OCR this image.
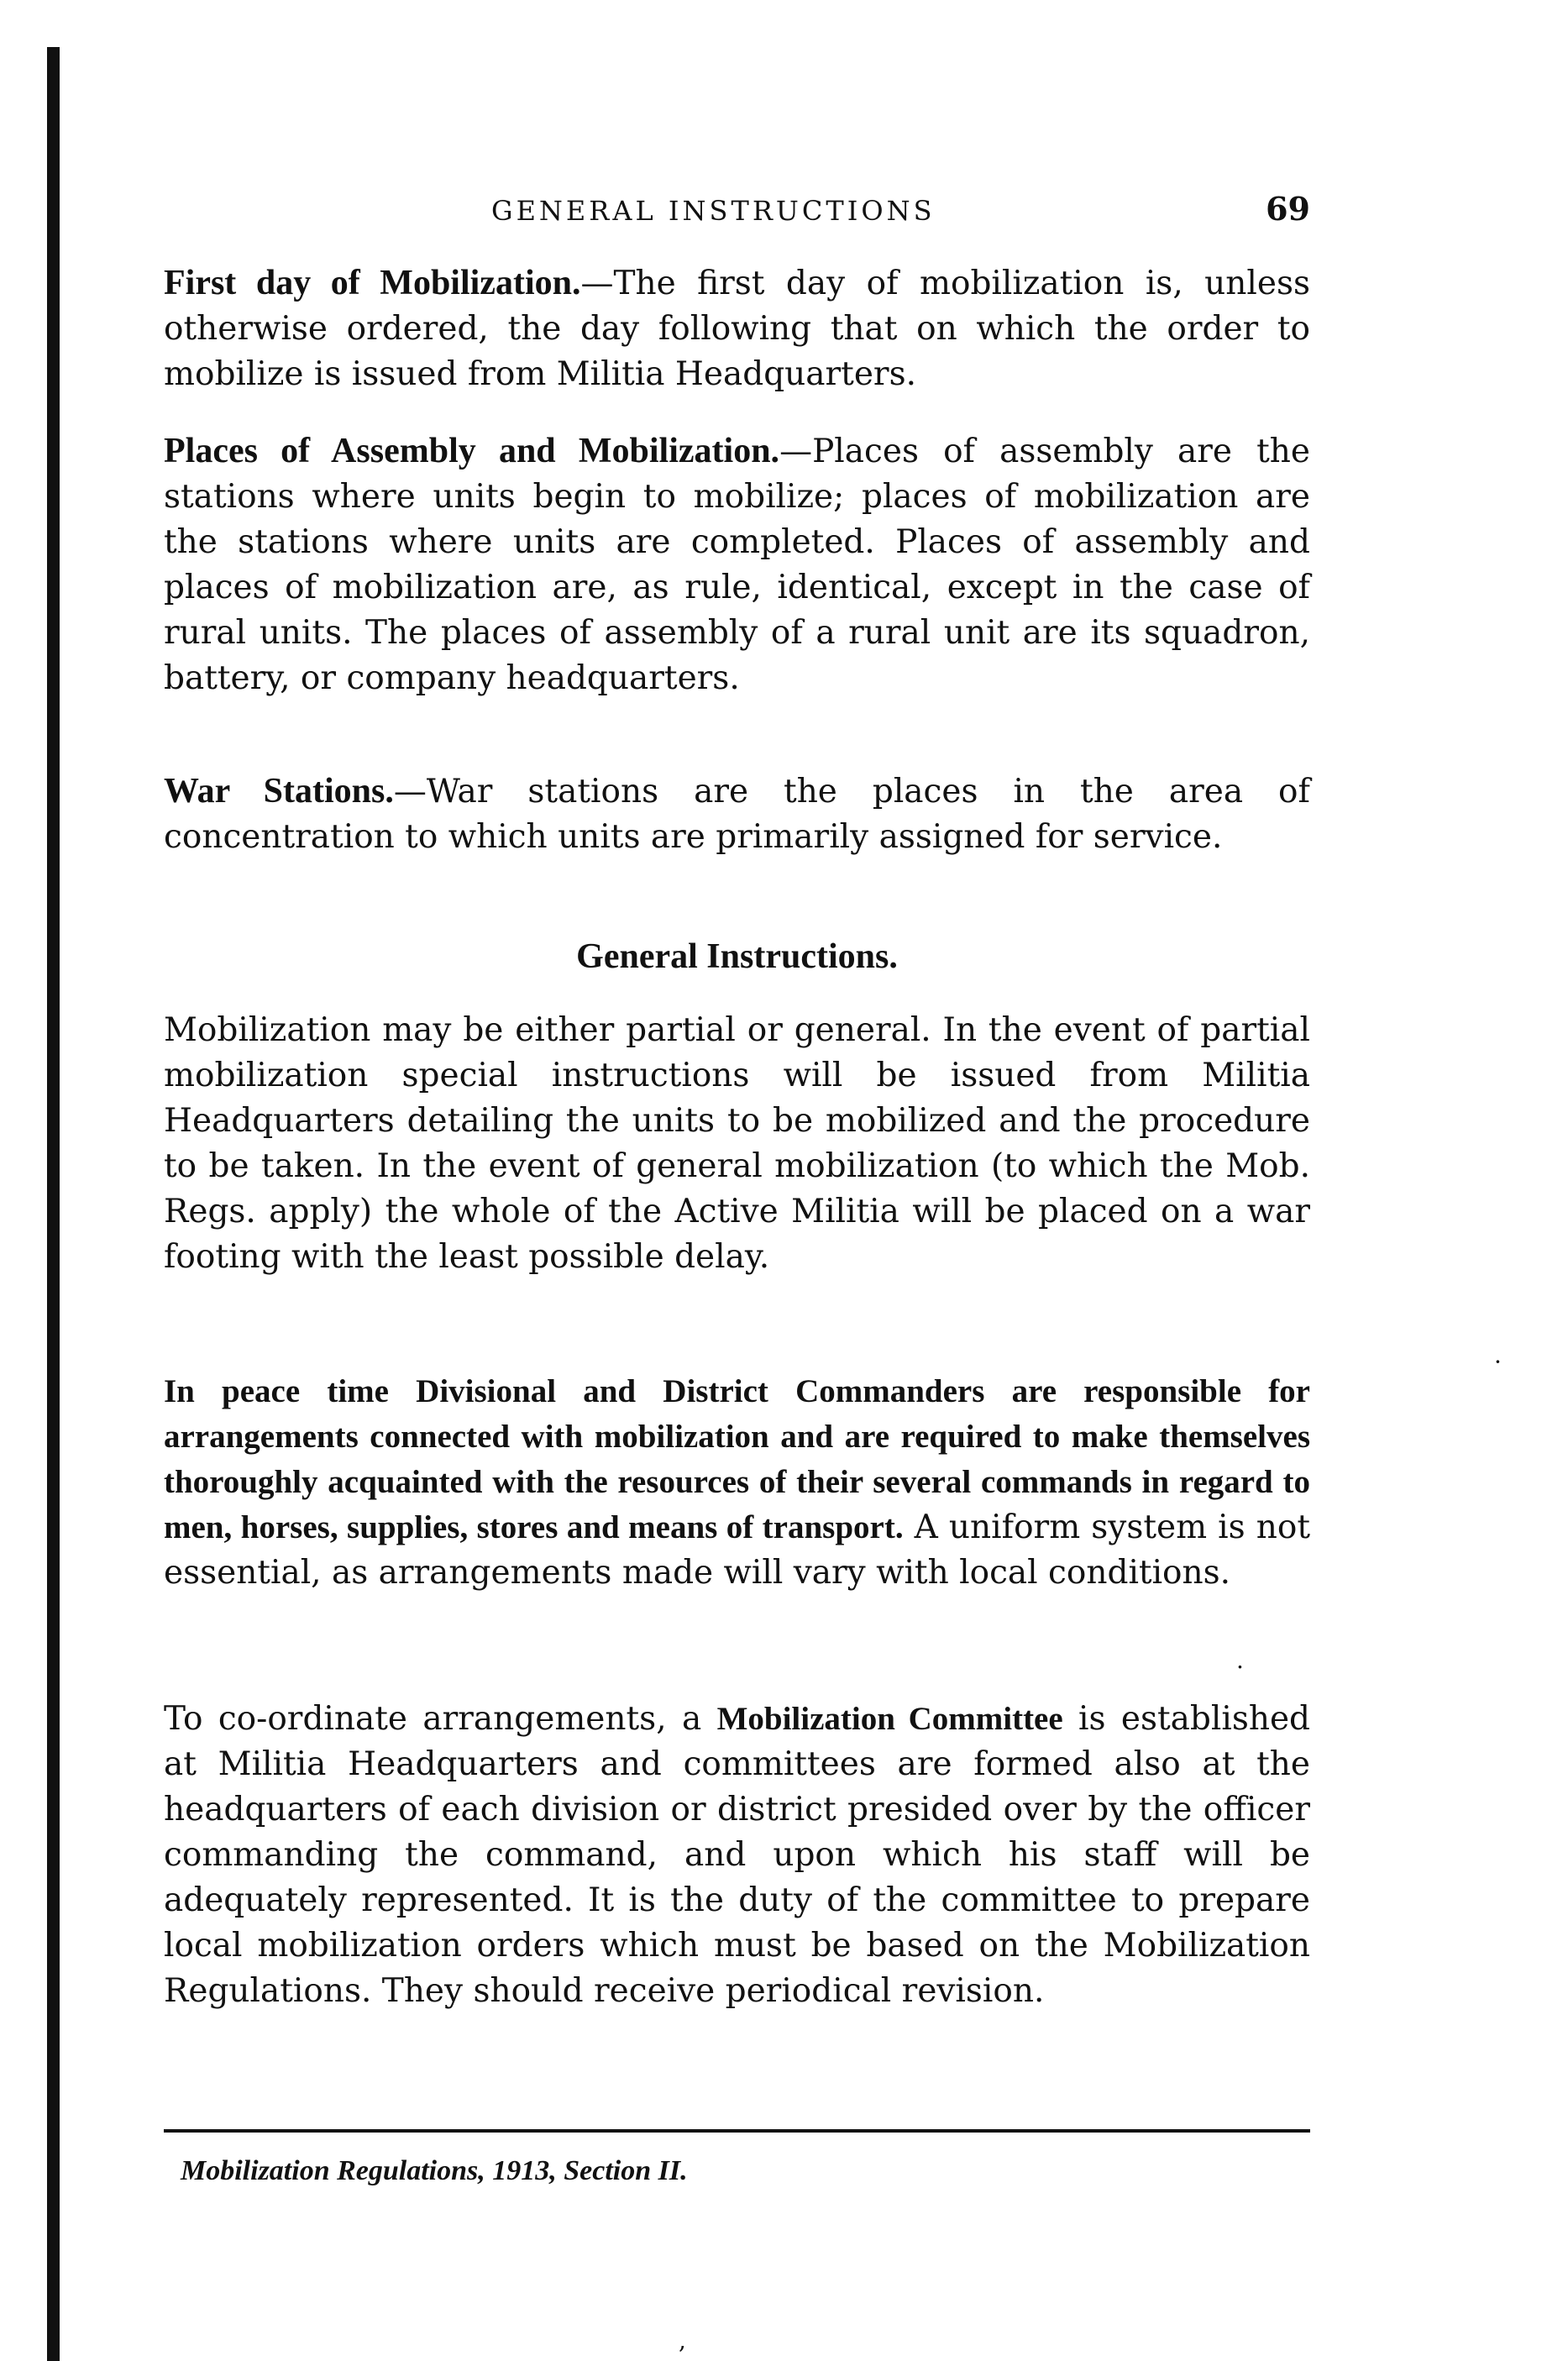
GENERAL INSTRUCTIONS	69

First day of Mobilization.—The first day of mobilization is, unless otherwise ordered, the day following that on which the order to mobilize is issued from Militia Headquarters.

Places of Assembly and Mobilization.—Places of assembly are the stations where units begin to mobilize; places of mobilization are the stations where units are completed. Places of assembly and places of mobilization are, as rule, identical, except in the case of rural units. The places of assembly of a rural unit are its squadron, battery, or company headquarters.

War Stations.—War stations are the places in the area of concentration to which units are primarily assigned for service.

General Instructions.

Mobilization may be either partial or general. In the event of partial mobilization special instructions will be issued from Militia Headquarters detailing the units to be mobilized and the procedure to be taken. In the event of general mobilization (to which the Mob. Regs. apply) the whole of the Active Militia will be placed on a war footing with the least possible delay.

In peace time Divisional and District Commanders are responsible for arrangements connected with mobilization and are required to make themselves thoroughly acquainted with the resources of their several commands in regard to men, horses, supplies, stores and means of transport. A uniform system is not essential, as arrangements made will vary with local conditions.

To co-ordinate arrangements, a Mobilization Committee is established at Militia Headquarters and committees are formed also at the headquarters of each division or district presided over by the officer commanding the command, and upon which his staff will be adequately represented. It is the duty of the committee to prepare local mobilization orders which must be based on the Mobilization Regulations. They should receive periodical revision.

Mobilization Regulations, 1913, Section II.
·
.
,
